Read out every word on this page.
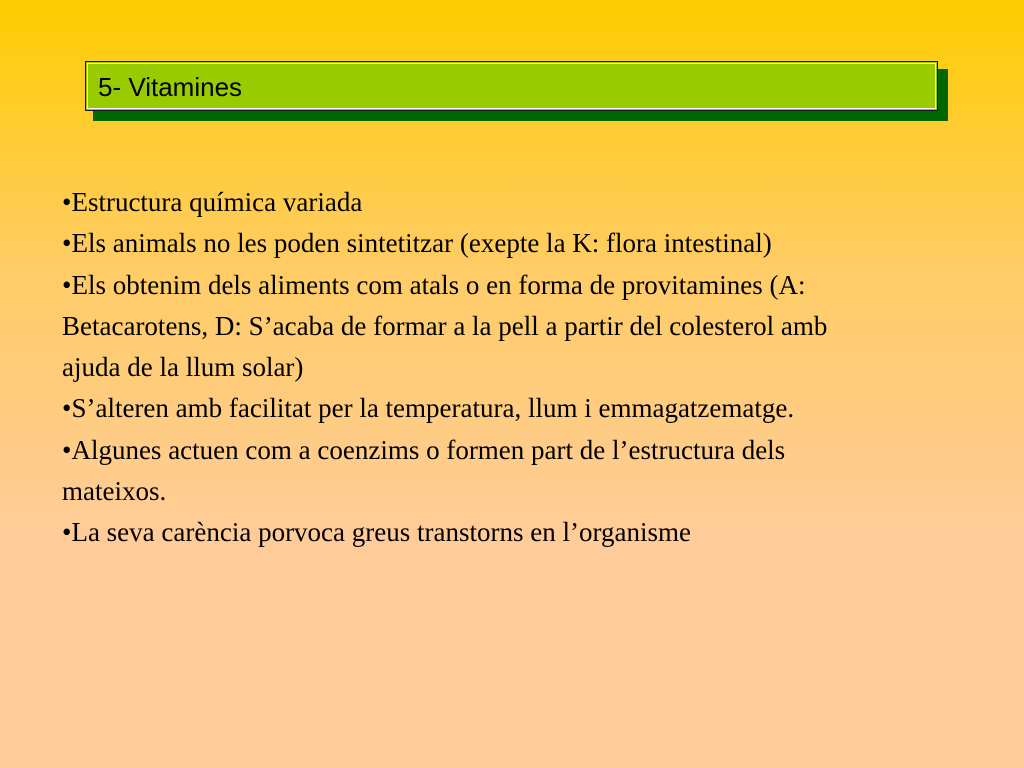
5- Vitamines

•Estructura química variada

•Els animals no les poden sintetitzar (exepte la K: flora intestinal)

•Els obtenim dels aliments com atals o en forma de provitamines (A: Betacarotens, D: S’acaba de formar a la pell a partir del colesterol amb ajuda de la llum solar)

•S’alteren amb facilitat per la temperatura, llum i emmagatzematge.

•Algunes actuen com a coenzims o formen part de l’estructura dels mateixos.

•La seva carència porvoca greus transtorns en l’organisme
